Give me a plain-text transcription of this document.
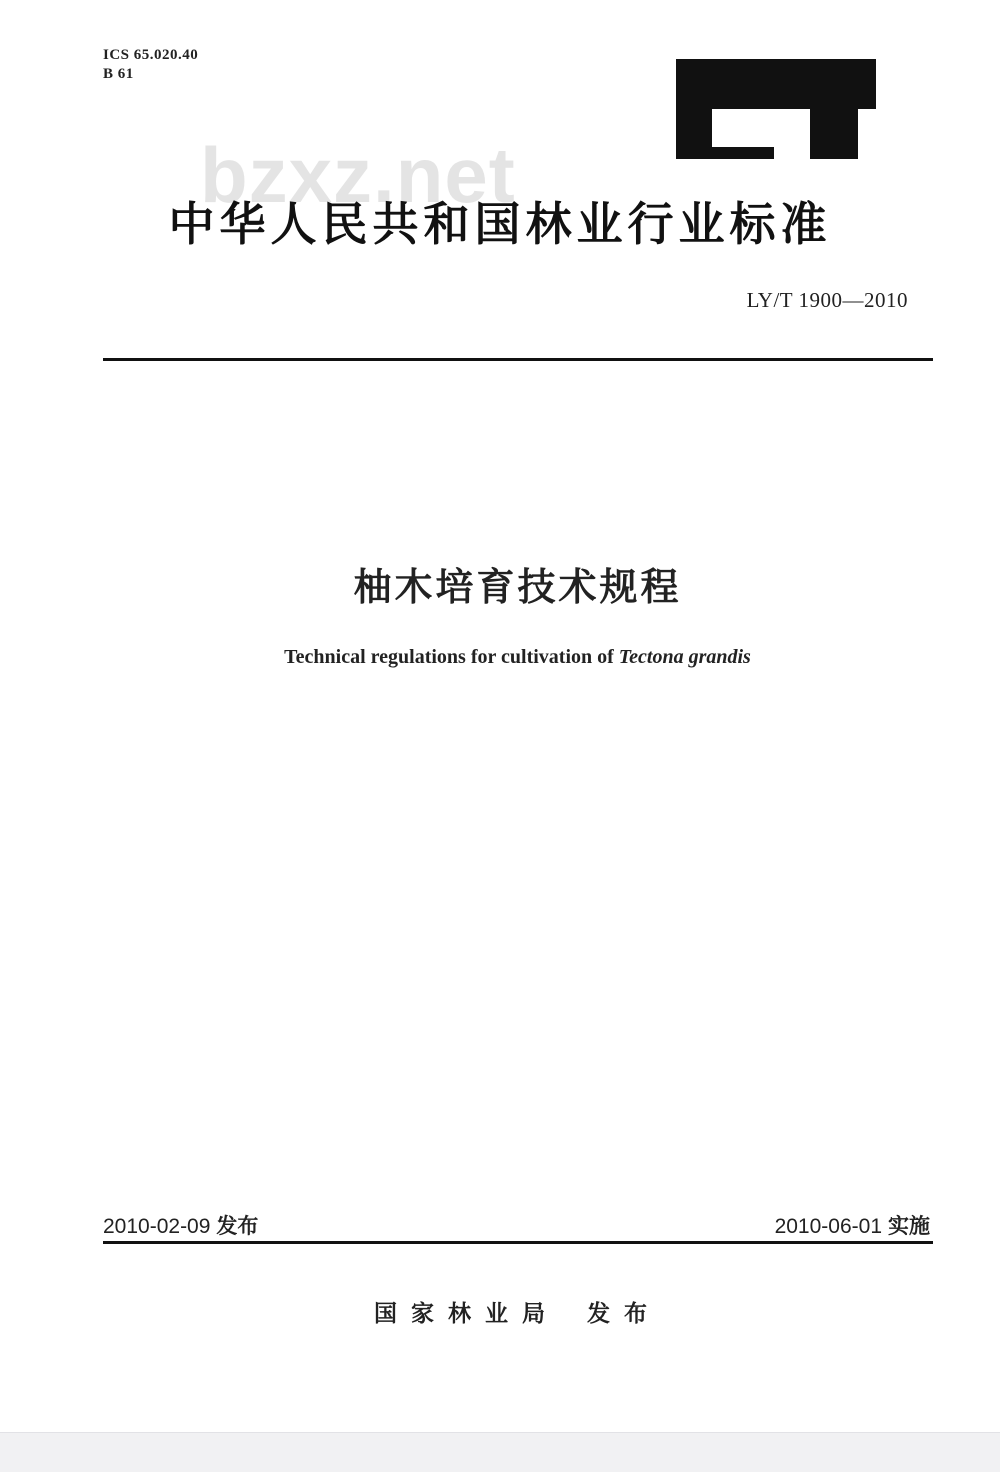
ICS 65.020.40
B 61
bzxz.net
中华人民共和国林业行业标准
LY/T 1900—2010
柚木培育技术规程
Technical regulations for cultivation of Tectona grandis
2010-02-09 发布	2010-06-01 实施
国家林业局 发布
